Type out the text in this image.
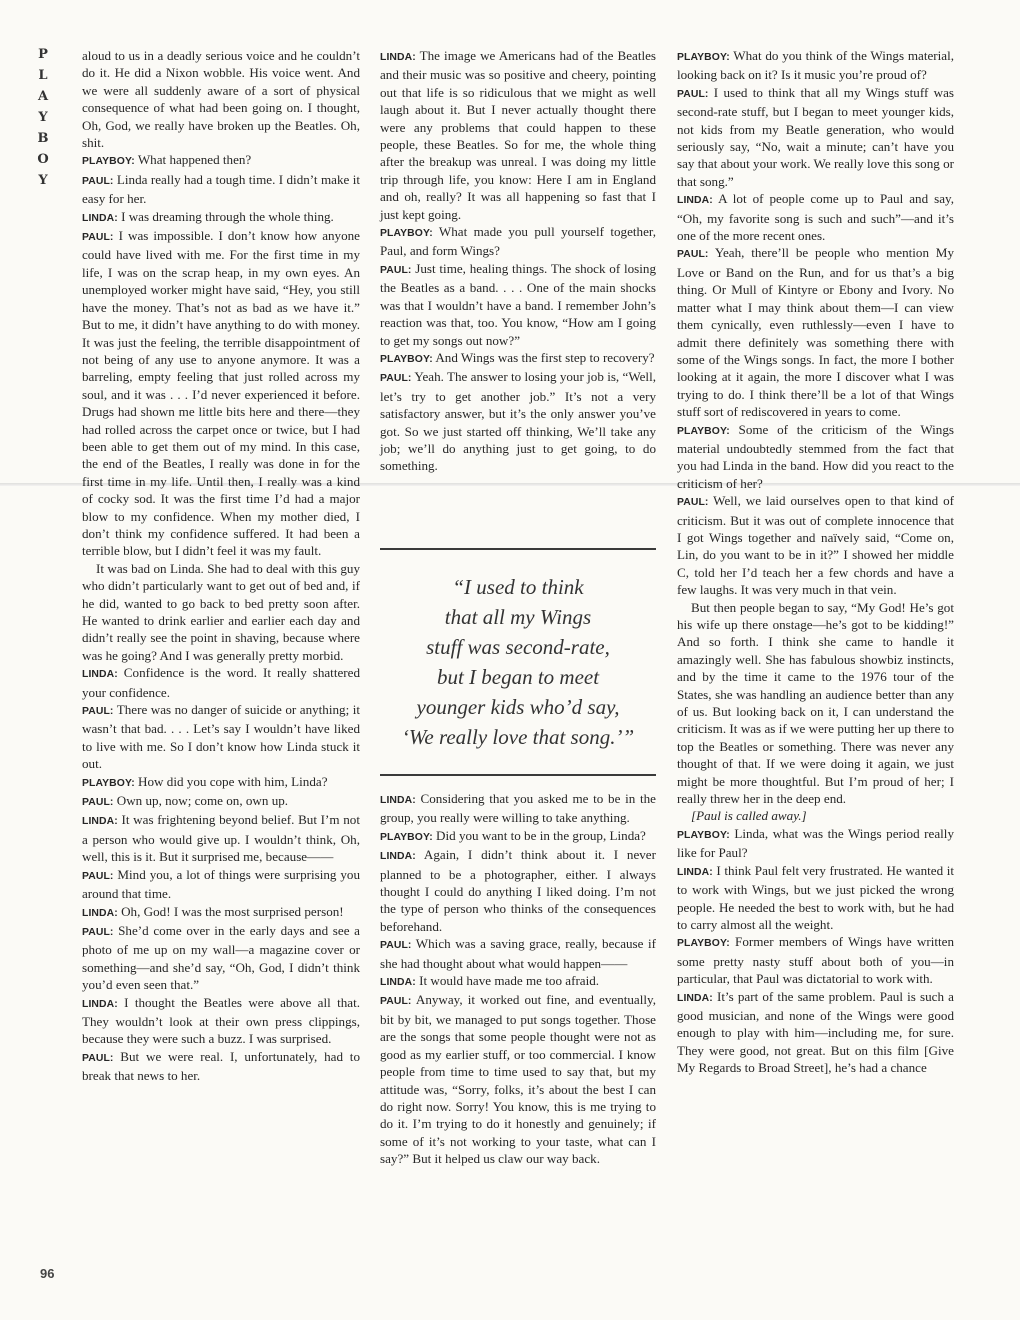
P
L
A
Y
B
O
Y
96

aloud to us in a deadly serious voice and he couldn’t do it. He did a Nixon wobble. His voice went. And we were all suddenly aware of a sort of physical consequence of what had been going on. I thought, Oh, God, we really have broken up the Beatles. Oh, shit.

PLAYBOY: What happened then?

PAUL: Linda really had a tough time. I didn’t make it easy for her.

LINDA: I was dreaming through the whole thing.

PAUL: I was impossible. I don’t know how anyone could have lived with me. For the first time in my life, I was on the scrap heap, in my own eyes. An unemployed worker might have said, “Hey, you still have the money. That’s not as bad as we have it.” But to me, it didn’t have anything to do with money. It was just the feeling, the terrible disappointment of not being of any use to anyone anymore. It was a barreling, empty feeling that just rolled across my soul, and it was . . . I’d never experienced it before. Drugs had shown me little bits here and there—they had rolled across the carpet once or twice, but I had been able to get them out of my mind. In this case, the end of the Beatles, I really was done in for the first time in my life. Until then, I really was a kind of cocky sod. It was the first time I’d had a major blow to my confidence. When my mother died, I don’t think my confidence suffered. It had been a terrible blow, but I didn’t feel it was my fault.

It was bad on Linda. She had to deal with this guy who didn’t particularly want to get out of bed and, if he did, wanted to go back to bed pretty soon after. He wanted to drink earlier and earlier each day and didn’t really see the point in shaving, because where was he going? And I was generally pretty morbid.

LINDA: Confidence is the word. It really shattered your confidence.

PAUL: There was no danger of suicide or anything; it wasn’t that bad. . . . Let’s say I wouldn’t have liked to live with me. So I don’t know how Linda stuck it out.

PLAYBOY: How did you cope with him, Linda?

PAUL: Own up, now; come on, own up.

LINDA: It was frightening beyond belief. But I’m not a person who would give up. I wouldn’t think, Oh, well, this is it. But it surprised me, because——

PAUL: Mind you, a lot of things were surprising you around that time.

LINDA: Oh, God! I was the most surprised person!

PAUL: She’d come over in the early days and see a photo of me up on my wall—a magazine cover or something—and she’d say, “Oh, God, I didn’t think you’d even seen that.”

LINDA: I thought the Beatles were above all that. They wouldn’t look at their own press clippings, because they were such a buzz. I was surprised.

PAUL: But we were real. I, unfortunately, had to break that news to her.

LINDA: The image we Americans had of the Beatles and their music was so positive and cheery, pointing out that life is so ridiculous that we might as well laugh about it. But I never actually thought there were any problems that could happen to these people, these Beatles. So for me, the whole thing after the breakup was unreal. I was doing my little trip through life, you know: Here I am in England and oh, really? It was all happening so fast that I just kept going.

PLAYBOY: What made you pull yourself together, Paul, and form Wings?

PAUL: Just time, healing things. The shock of losing the Beatles as a band. . . . One of the main shocks was that I wouldn’t have a band. I remember John’s reaction was that, too. You know, “How am I going to get my songs out now?”

PLAYBOY: And Wings was the first step to recovery?

PAUL: Yeah. The answer to losing your job is, “Well, let’s try to get another job.” It’s not a very satisfactory answer, but it’s the only answer you’ve got. So we just started off thinking, We’ll take any job; we’ll do anything just to get going, to do something.

“I used to think
that all my Wings
stuff was second-rate,
but I began to meet
younger kids who’d say,
‘We really love that song.’”

LINDA: Considering that you asked me to be in the group, you really were willing to take anything.

PLAYBOY: Did you want to be in the group, Linda?

LINDA: Again, I didn’t think about it. I never planned to be a photographer, either. I always thought I could do anything I liked doing. I’m not the type of person who thinks of the consequences beforehand.

PAUL: Which was a saving grace, really, because if she had thought about what would happen——

LINDA: It would have made me too afraid.

PAUL: Anyway, it worked out fine, and eventually, bit by bit, we managed to put songs together. Those are the songs that some people thought were not as good as my earlier stuff, or too commercial. I know people from time to time used to say that, but my attitude was, “Sorry, folks, it’s about the best I can do right now. Sorry! You know, this is me trying to do it. I’m trying to do it honestly and genuinely; if some of it’s not working to your taste, what can I say?” But it helped us claw our way back.

PLAYBOY: What do you think of the Wings material, looking back on it? Is it music you’re proud of?

PAUL: I used to think that all my Wings stuff was second-rate stuff, but I began to meet younger kids, not kids from my Beatle generation, who would seriously say, “No, wait a minute; can’t have you say that about your work. We really love this song or that song.”

LINDA: A lot of people come up to Paul and say, “Oh, my favorite song is such and such”—and it’s one of the more recent ones.

PAUL: Yeah, there’ll be people who mention My Love or Band on the Run, and for us that’s a big thing. Or Mull of Kintyre or Ebony and Ivory. No matter what I may think about them—I can view them cynically, even ruthlessly—even I have to admit there definitely was something there with some of the Wings songs. In fact, the more I bother looking at it again, the more I discover what I was trying to do. I think there’ll be a lot of that Wings stuff sort of rediscovered in years to come.

PLAYBOY: Some of the criticism of the Wings material undoubtedly stemmed from the fact that you had Linda in the band. How did you react to the criticism of her?

PAUL: Well, we laid ourselves open to that kind of criticism. But it was out of complete innocence that I got Wings together and naïvely said, “Come on, Lin, do you want to be in it?” I showed her middle C, told her I’d teach her a few chords and have a few laughs. It was very much in that vein.

But then people began to say, “My God! He’s got his wife up there onstage—he’s got to be kidding!” And so forth. I think she came to handle it amazingly well. She has fabulous showbiz instincts, and by the time it came to the 1976 tour of the States, she was handling an audience better than any of us. But looking back on it, I can understand the criticism. It was as if we were putting her up there to top the Beatles or something. There was never any thought of that. If we were doing it again, we just might be more thoughtful. But I’m proud of her; I really threw her in the deep end.

[Paul is called away.]

PLAYBOY: Linda, what was the Wings period really like for Paul?

LINDA: I think Paul felt very frustrated. He wanted it to work with Wings, but we just picked the wrong people. He needed the best to work with, but he had to carry almost all the weight.

PLAYBOY: Former members of Wings have written some pretty nasty stuff about both of you—in particular, that Paul was dictatorial to work with.

LINDA: It’s part of the same problem. Paul is such a good musician, and none of the Wings were good enough to play with him—including me, for sure. They were good, not great. But on this film [Give My Regards to Broad Street], he’s had a chance
